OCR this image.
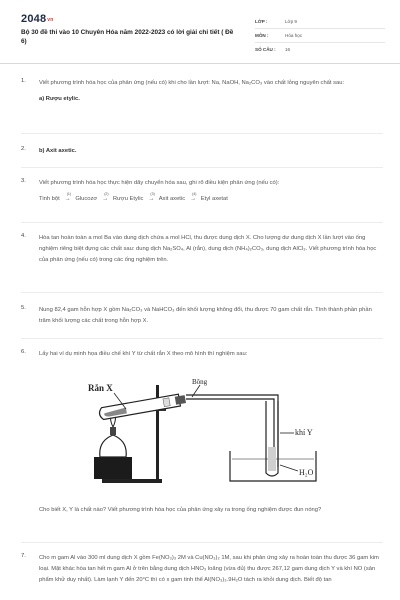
2048vn
Bộ 30 đề thi vào 10 Chuyên Hóa năm 2022-2023 có lời giải chi tiết ( Đề 6)
LỚP :	Lớp 9
MÔN :	Hóa học
SỐ CÂU :	16
1. Viết phương trình hóa học của phản ứng (nếu có) khi cho lần lượt: Na, NaOH, Na₂CO₃ vào chất lỏng nguyên chất sau:

a) Rượu etylic.

2. b) Axit axetic.

3. Viết phương trình hóa học thực hiện dãy chuyển hóa sau, ghi rõ điều kiện phản ứng (nếu có):

Tinh bột →
(1)
Glucozơ →
(2)
Rượu Etylic →
(3)
Axit axetic →
(4)
Etyl axetat

4. Hòa tan hoàn toàn a mol Ba vào dung dịch chứa a mol HCl, thu được dung dịch X. Cho lượng dư dung dịch X lần lượt vào ống nghiệm riêng biệt đựng các chất sau: dung dịch Na₂SO₄, Al (rắn), dung dịch (NH₄)₂CO₃, dung dịch AlCl₃. Viết phương trình hóa học của phản ứng (nếu có) trong các ống nghiệm trên.

5. Nung 82,4 gam hỗn hợp X gồm Na₂CO₃ và NaHCO₃ đến khối lượng không đổi, thu được 70 gam chất rắn. Tính thành phần phần trăm khối lượng các chất trong hỗn hợp X.

6. Lấy hai ví dụ minh họa điều chế khí Y từ chất rắn X theo mô hình thí nghiệm sau:

Rắn X
Bông
khí Y
H₂O

Cho biết X, Y là chất nào? Viết phương trình hóa học của phản ứng xảy ra trong ống nghiệm được đun nóng?

7. Cho m gam Al vào 300 ml dung dịch X gồm Fe(NO₃)₃ 2M và Cu(NO₃)₂ 1M, sau khi phản ứng xảy ra hoàn toàn thu được 36 gam kim loại. Mặt khác hòa tan hết m gam Al ở trên bằng dung dịch HNO₃ loãng (vừa đủ) thu được 267,12 gam dung dịch Y và khí NO (sản phẩm khử duy nhất). Làm lạnh Y đến 20°C thì có x gam tinh thể Al(NO₃)₃.9H₂O tách ra khỏi dung dịch. Biết độ tan
